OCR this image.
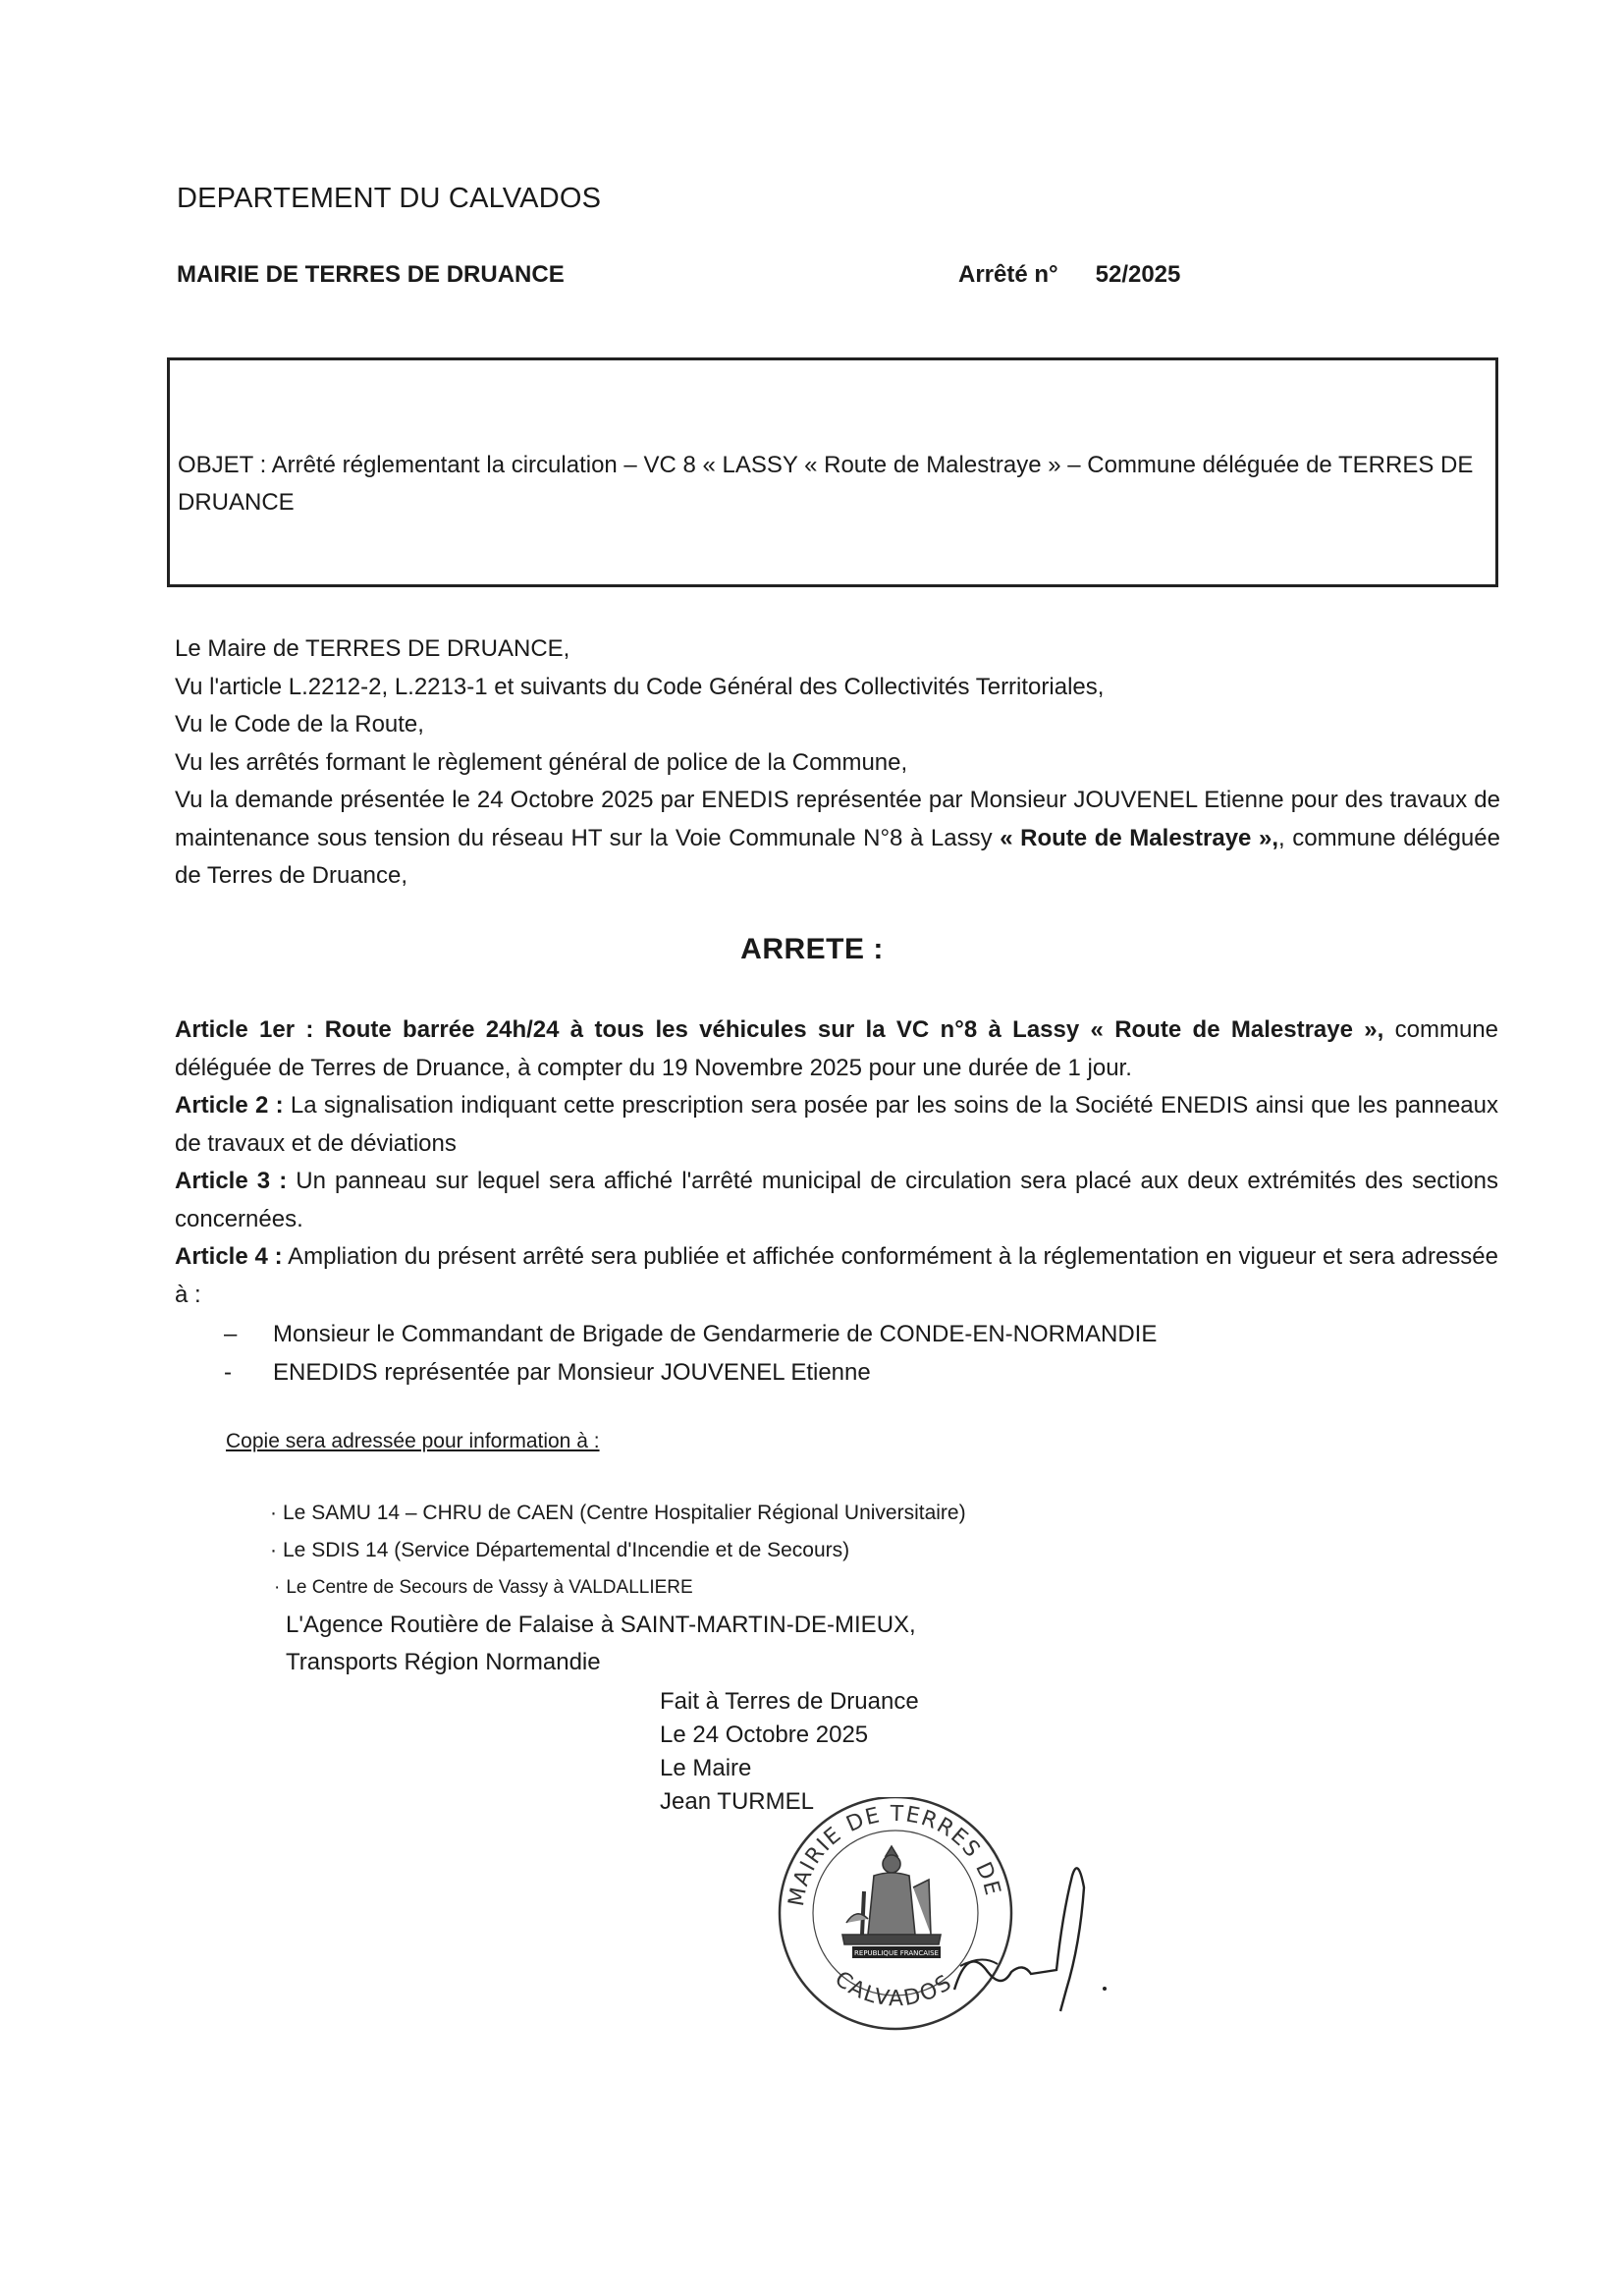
DEPARTEMENT DU CALVADOS
MAIRIE DE TERRES DE DRUANCE	Arrêté n° 52/2025
OBJET : Arrêté réglementant la circulation – VC 8 « LASSY « Route de Malestraye » – Commune déléguée de TERRES DE DRUANCE

Le Maire de TERRES DE DRUANCE,

Vu l'article L.2212-2, L.2213-1 et suivants du Code Général des Collectivités Territoriales,

Vu le Code de la Route,

Vu les arrêtés formant le règlement général de police de la Commune,

Vu la demande présentée le 24 Octobre 2025 par ENEDIS représentée par Monsieur JOUVENEL Etienne pour des travaux de maintenance sous tension du réseau HT sur la Voie Communale N°8 à Lassy « Route de Malestraye »,, commune déléguée de Terres de Druance,

ARRETE :

Article 1er : Route barrée 24h/24 à tous les véhicules sur la VC n°8 à Lassy « Route de Malestraye », commune déléguée de Terres de Druance, à compter du 19 Novembre 2025 pour une durée de 1 jour.

Article 2 : La signalisation indiquant cette prescription sera posée par les soins de la Société ENEDIS ainsi que les panneaux de travaux et de déviations

Article 3 : Un panneau sur lequel sera affiché l'arrêté municipal de circulation sera placé aux deux extrémités des sections concernées.

Article 4 : Ampliation du présent arrêté sera publiée et affichée conformément à la réglementation en vigueur et sera adressée à :

–	Monsieur le Commandant de Brigade de Gendarmerie de CONDE-EN-NORMANDIE
-	ENEDIDS représentée par Monsieur JOUVENEL Etienne
Copie sera adressée pour information à :
· Le SAMU 14 – CHRU de CAEN (Centre Hospitalier Régional Universitaire)
· Le SDIS 14 (Service Départemental d'Incendie et de Secours)
· Le Centre de Secours de Vassy à VALDALLIERE
L'Agence Routière de Falaise à SAINT-MARTIN-DE-MIEUX,
Transports Région Normandie
Fait à Terres de Druance
Le 24 Octobre 2025
Le Maire
Jean TURMEL
MAIRIE DE TERRES DE
CALVADOS
REPUBLIQUE FRANCAISE
